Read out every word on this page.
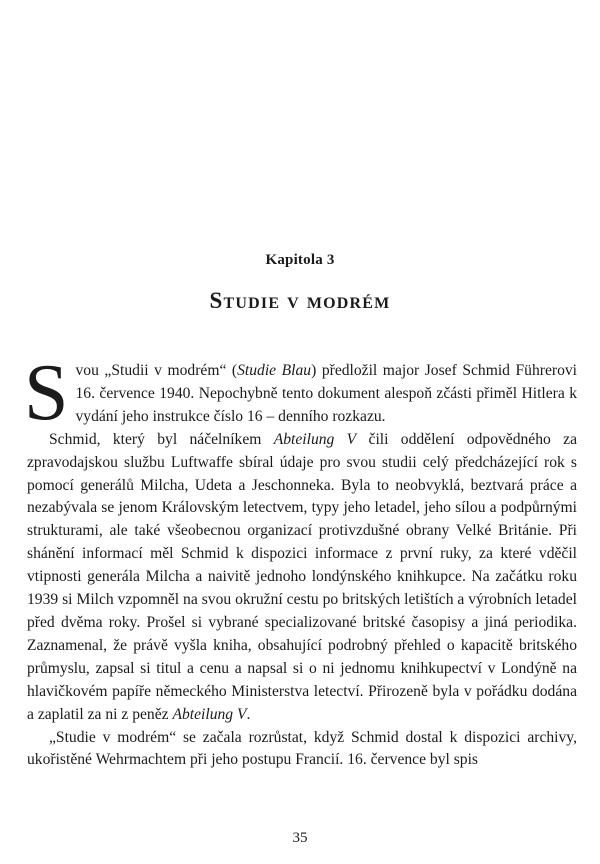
Kapitola 3
Studie v modrém

Svou „Studii v modrém“ (Studie Blau) předložil major Josef Schmid Führerovi 16. července 1940. Nepochybně tento dokument alespoň zčásti přiměl Hitlera k vydání jeho instrukce číslo 16 – denního rozkazu.

Schmid, který byl náčelníkem Abteilung V čili oddělení odpovědného za zpravodajskou službu Luftwaffe sbíral údaje pro svou studii celý předcházející rok s pomocí generálů Milcha, Udeta a Jeschonneka. Byla to neobvyklá, beztvará práce a nezabývala se jenom Královským letectvem, typy jeho letadel, jeho sílou a podpůrnými strukturami, ale také všeobecnou organizací protivzdušné obrany Velké Británie. Při shánění informací měl Schmid k dispozici informace z první ruky, za které vděčil vtipnosti generála Milcha a naivitě jednoho londýnského knihkupce. Na začátku roku 1939 si Milch vzpomněl na svou okružní cestu po britských letištích a výrobních letadel před dvěma roky. Prošel si vybrané specializované britské časopisy a jiná periodika. Zaznamenal, že právě vyšla kniha, obsahující podrobný přehled o kapacitě britského průmyslu, zapsal si titul a cenu a napsal si o ni jednomu knihkupectví v Londýně na hlavičkovém papíře německého Ministerstva letectví. Přirozeně byla v pořádku dodána a zaplatil za ni z peněz Abteilung V.

„Studie v modrém“ se začala rozrůstat, když Schmid dostal k dispozici archivy, ukořistěné Wehrmachtem při jeho postupu Francií. 16. července byl spis

35
